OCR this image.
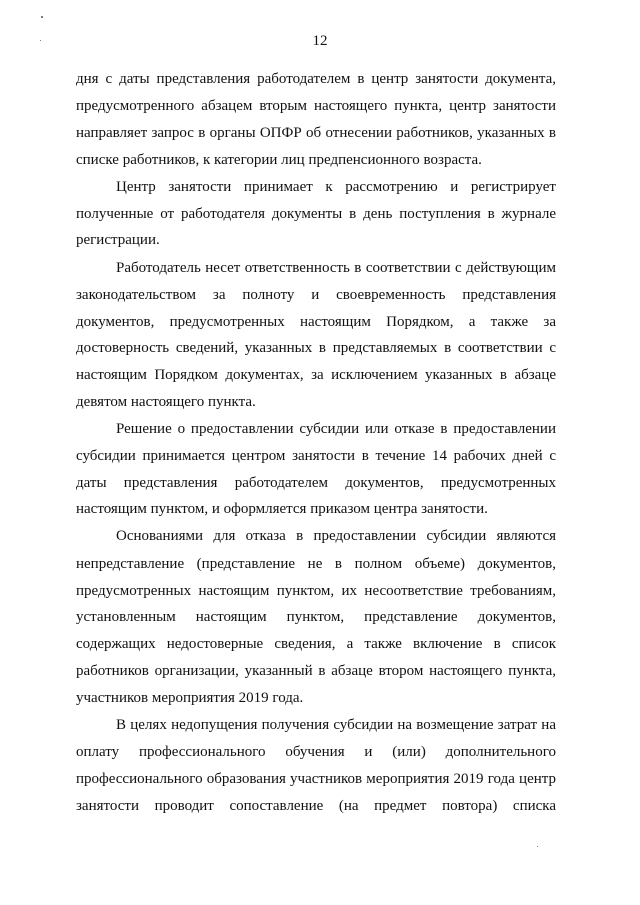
12
дня с даты представления работодателем в центр занятости документа,
предусмотренного абзацем вторым настоящего пункта, центр занятости
направляет запрос в органы ОПФР об отнесении работников, указанных в
списке работников, к категории лиц предпенсионного возраста.
Центр занятости принимает к рассмотрению и регистрирует
полученные от работодателя документы в день поступления в журнале
регистрации.
Работодатель несет ответственность в соответствии с действующим
законодательством за полноту и своевременность представления
документов, предусмотренных настоящим Порядком, а также за
достоверность сведений, указанных в представляемых в соответствии с
настоящим Порядком документах, за исключением указанных в абзаце
девятом настоящего пункта.
Решение о предоставлении субсидии или отказе в предоставлении
субсидии принимается центром занятости в течение 14 рабочих дней с
даты представления работодателем документов, предусмотренных
настоящим пунктом, и оформляется приказом центра занятости.
Основаниями для отказа в предоставлении субсидии являются
непредставление (представление не в полном объеме) документов,
предусмотренных настоящим пунктом, их несоответствие требованиям,
установленным настоящим пунктом, представление документов,
содержащих недостоверные сведения, а также включение в список
работников организации, указанный в абзаце втором настоящего пункта,
участников мероприятия 2019 года.
В целях недопущения получения субсидии на возмещение затрат на
оплату профессионального обучения и (или) дополнительного
профессионального образования участников мероприятия 2019 года центр
занятости проводит сопоставление (на предмет повтора) списка
